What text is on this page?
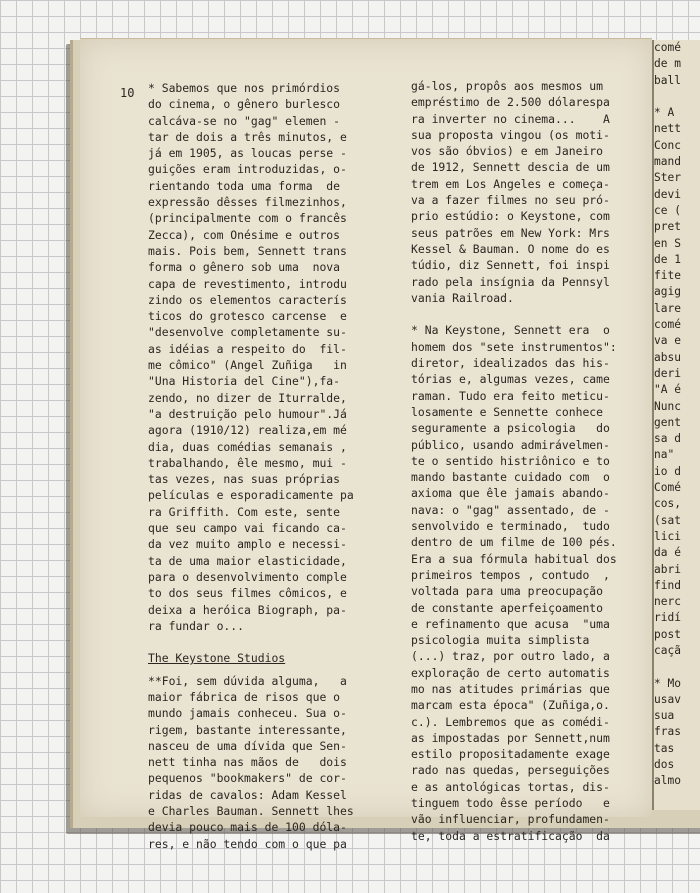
comé
de m
ball
* A
nett
Conc
mand
Ster
devi
ce (
pret
en S
de 1
fite
agig
lare
comé
va e
absu
deri
"A é
Nunc
gent
sa d
na"
io d
Comé
cos,
(sat
lici
da é
abri
find
nerc
ridí
post
caçã
* Mo
usav
sua
fras
tas
dos
almo
10 * Sabemos que nos primórdios
do cinema, o gênero burlesco
calcáva-se no "gag" elemen -
tar de dois a três minutos, e
já em 1905, as loucas perse -
guições eram introduzidas, o-
rientando toda uma forma  de
expressão dêsses filmezinhos,
(principalmente com o francês
Zecca), com Onésime e outros
mais. Pois bem, Sennett trans
forma o gênero sob uma  nova
capa de revestimento, introdu
zindo os elementos caracterís
ticos do grotesco carcense  e
"desenvolve completamente su-
as idéias a respeito do  fil-
me cômico" (Angel Zuñiga   in
"Una Historia del Cine"),fa-
zendo, no dizer de Iturralde,
"a destruição pelo humour".Já
agora (1910/12) realiza,em mé
dia, duas comédias semanais ,
trabalhando, êle mesmo, mui -
tas vezes, nas suas próprias
películas e esporadicamente pa
ra Griffith. Com este, sente
que seu campo vai ficando ca-
da vez muito amplo e necessi-
ta de uma maior elasticidade,
para o desenvolvimento comple
to dos seus filmes cômicos, e
deixa a heróica Biograph, pa-
ra fundar o...
The Keystone Studios
**Foi, sem dúvida alguma,   a
maior fábrica de risos que o
mundo jamais conheceu. Sua o-
rigem, bastante interessante,
nasceu de uma dívida que Sen-
nett tinha nas mãos de   dois
pequenos "bookmakers" de cor-
ridas de cavalos: Adam Kessel
e Charles Bauman. Sennett lhes
devia pouco mais de 100 dóla-
res, e não tendo com o que pa
gá-los, propôs aos mesmos um
empréstimo de 2.500 dólarespa
ra inverter no cinema...    A
sua proposta vingou (os moti-
vos são óbvios) e em Janeiro
de 1912, Sennett descia de um
trem em Los Angeles e começa-
va a fazer filmes no seu pró-
prio estúdio: o Keystone, com
seus patrões em New York: Mrs
Kessel & Bauman. O nome do es
túdio, diz Sennett, foi inspi
rado pela insígnia da Pennsyl
vania Railroad.
* Na Keystone, Sennett era  o
homem dos "sete instrumentos":
diretor, idealizados das his-
tórias e, algumas vezes, came
raman. Tudo era feito meticu-
losamente e Sennette conhece
seguramente a psicologia   do
público, usando admirávelmen-
te o sentido histriônico e to
mando bastante cuidado com  o
axioma que êle jamais abando-
nava: o "gag" assentado, de -
senvolvido e terminado,  tudo
dentro de um filme de 100 pés.
Era a sua fórmula habitual dos
primeiros tempos , contudo  ,
voltada para uma preocupação
de constante aperfeiçoamento
e refinamento que acusa  "uma
psicologia muita simplista
(...) traz, por outro lado, a
exploração de certo automatis
mo nas atitudes primárias que
marcam esta época" (Zuñiga,o.
c.). Lembremos que as comédi-
as impostadas por Sennett,num
estilo propositadamente exage
rado nas quedas, perseguições
e as antológicas tortas, dis-
tinguem todo êsse período   e
vão influenciar, profundamen-
te, toda a estratificação  da
